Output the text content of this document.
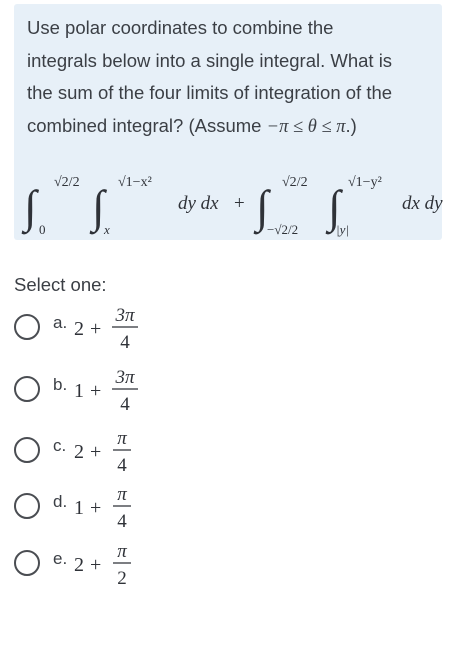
Use polar coordinates to combine the
integrals below into a single integral. What is
the sum of the four limits of integration of the
combined integral? (Assume −π ≤ θ ≤ π.)
∫ √2/2
0 ∫ √1−x²
x
dy dx + ∫ √2/2
−√2/2 ∫ √1−y²
|y|
dx dy
Select one:
a. 2 +
3π
4
b. 1 +
3π
4
c. 2 +
π
4
d. 1 +
π
4
e. 2 +
π
2
